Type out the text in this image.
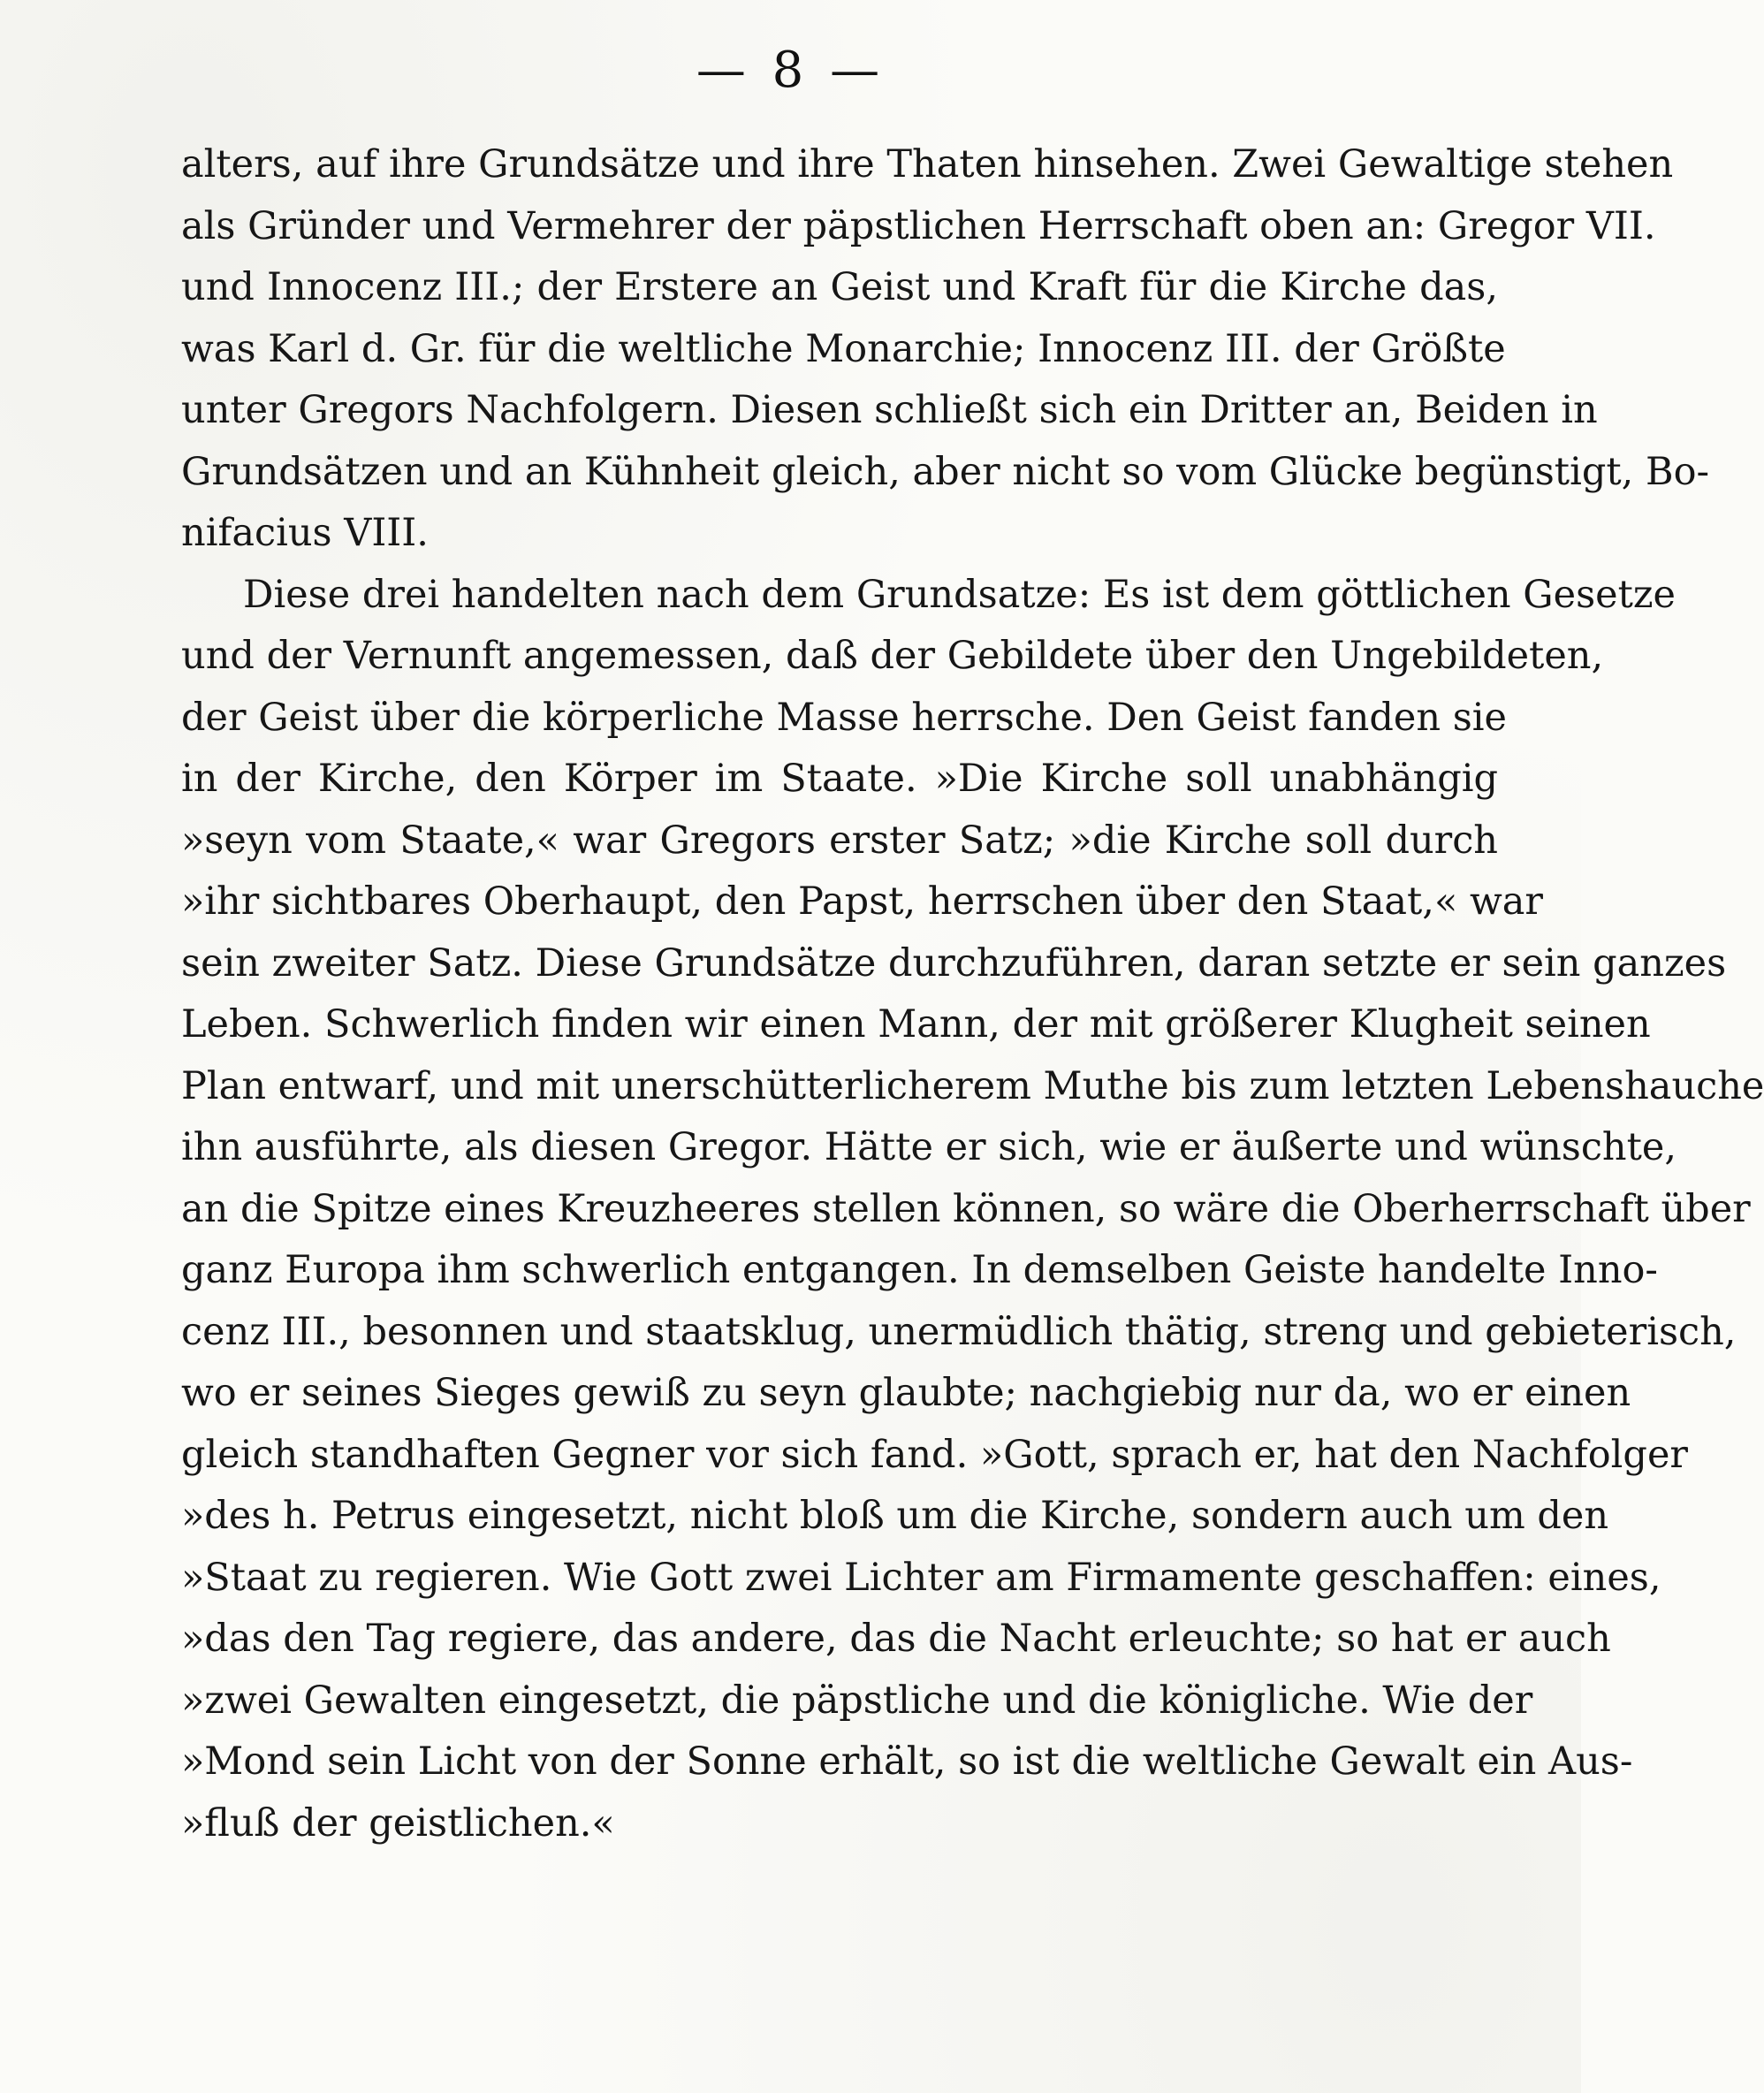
— 8 —
alters, auf ihre Grundsätze und ihre Thaten hinsehen. Zwei Gewaltige stehen
als Gründer und Vermehrer der päpstlichen Herrschaft oben an: Gregor VII.
und Innocenz III.; der Erstere an Geist und Kraft für die Kirche das,
was Karl d. Gr. für die weltliche Monarchie; Innocenz III. der Größte
unter Gregors Nachfolgern. Diesen schließt sich ein Dritter an, Beiden in
Grundsätzen und an Kühnheit gleich, aber nicht so vom Glücke begünstigt, Bo-
nifacius VIII.
Diese drei handelten nach dem Grundsatze: Es ist dem göttlichen Gesetze
und der Vernunft angemessen, daß der Gebildete über den Ungebildeten,
der Geist über die körperliche Masse herrsche. Den Geist fanden sie
in der Kirche, den Körper im Staate. »Die Kirche soll unabhängig
»seyn vom Staate,« war Gregors erster Satz; »die Kirche soll durch
»ihr sichtbares Oberhaupt, den Papst, herrschen über den Staat,« war
sein zweiter Satz. Diese Grundsätze durchzuführen, daran setzte er sein ganzes
Leben. Schwerlich finden wir einen Mann, der mit größerer Klugheit seinen
Plan entwarf, und mit unerschütterlicherem Muthe bis zum letzten Lebenshauche
ihn ausführte, als diesen Gregor. Hätte er sich, wie er äußerte und wünschte,
an die Spitze eines Kreuzheeres stellen können, so wäre die Oberherrschaft über
ganz Europa ihm schwerlich entgangen. In demselben Geiste handelte Inno-
cenz III., besonnen und staatsklug, unermüdlich thätig, streng und gebieterisch,
wo er seines Sieges gewiß zu seyn glaubte; nachgiebig nur da, wo er einen
gleich standhaften Gegner vor sich fand. »Gott, sprach er, hat den Nachfolger
»des h. Petrus eingesetzt, nicht bloß um die Kirche, sondern auch um den
»Staat zu regieren. Wie Gott zwei Lichter am Firmamente geschaffen: eines,
»das den Tag regiere, das andere, das die Nacht erleuchte; so hat er auch
»zwei Gewalten eingesetzt, die päpstliche und die königliche. Wie der
»Mond sein Licht von der Sonne erhält, so ist die weltliche Gewalt ein Aus-
»fluß der geistlichen.«
